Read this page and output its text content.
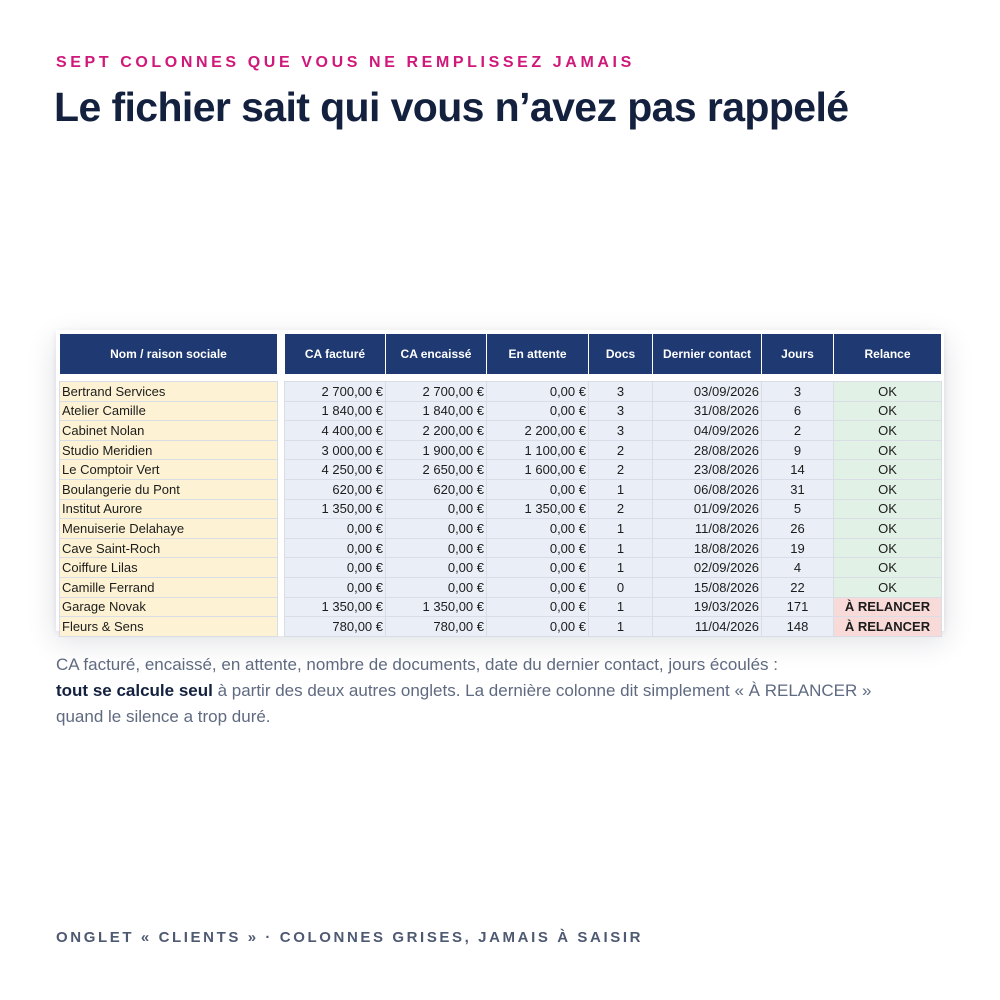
SEPT COLONNES QUE VOUS NE REMPLISSEZ JAMAIS
Le fichier sait qui vous n’avez pas rappelé
Nom / raison sociale		CA facturé	CA encaissé	En attente	Docs	Dernier contact	Jours	Relance

Bertrand Services		2 700,00 €	2 700,00 €	0,00 €	3	03/09/2026	3	OK
Atelier Camille		1 840,00 €	1 840,00 €	0,00 €	3	31/08/2026	6	OK
Cabinet Nolan		4 400,00 €	2 200,00 €	2 200,00 €	3	04/09/2026	2	OK
Studio Meridien		3 000,00 €	1 900,00 €	1 100,00 €	2	28/08/2026	9	OK
Le Comptoir Vert		4 250,00 €	2 650,00 €	1 600,00 €	2	23/08/2026	14	OK
Boulangerie du Pont		620,00 €	620,00 €	0,00 €	1	06/08/2026	31	OK
Institut Aurore		1 350,00 €	0,00 €	1 350,00 €	2	01/09/2026	5	OK
Menuiserie Delahaye		0,00 €	0,00 €	0,00 €	1	11/08/2026	26	OK
Cave Saint-Roch		0,00 €	0,00 €	0,00 €	1	18/08/2026	19	OK
Coiffure Lilas		0,00 €	0,00 €	0,00 €	1	02/09/2026	4	OK
Camille Ferrand		0,00 €	0,00 €	0,00 €	0	15/08/2026	22	OK
Garage Novak		1 350,00 €	1 350,00 €	0,00 €	1	19/03/2026	171	À RELANCER
Fleurs & Sens		780,00 €	780,00 €	0,00 €	1	11/04/2026	148	À RELANCER

CA facturé, encaissé, en attente, nombre de documents, date du dernier contact, jours écoulés :
tout se calcule seul à partir des deux autres onglets. La dernière colonne dit simplement « À RELANCER » quand le silence a trop duré.

ONGLET « CLIENTS » · COLONNES GRISES, JAMAIS À SAISIR
